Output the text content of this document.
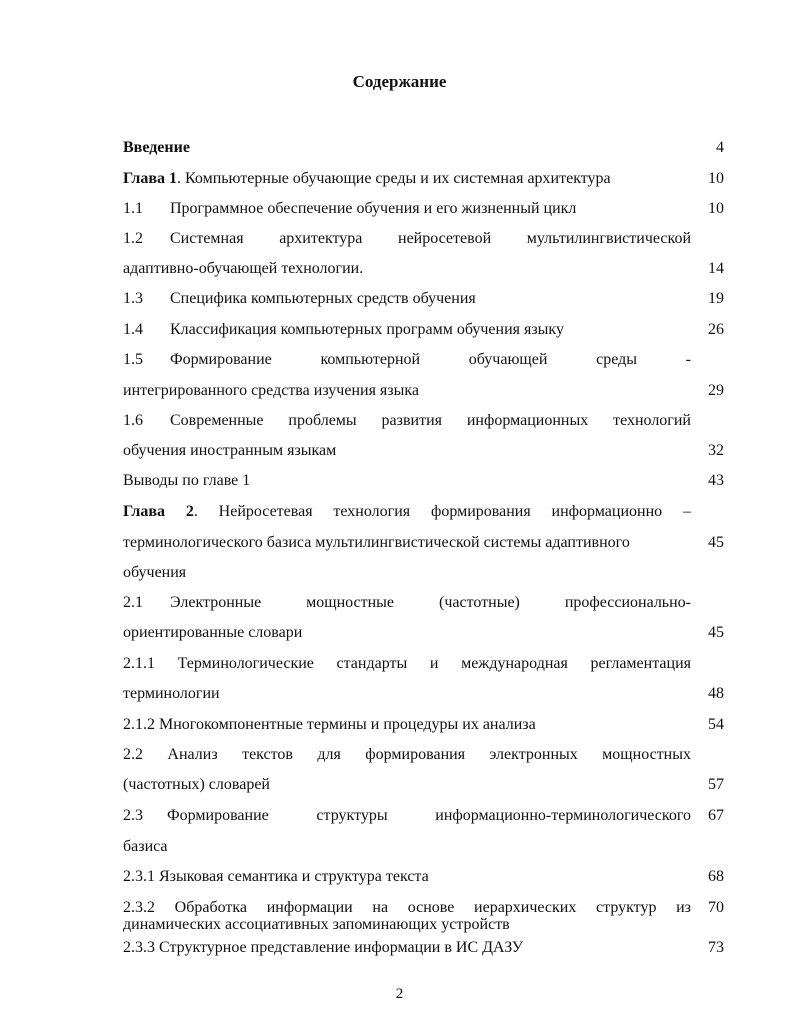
Содержание
Введение	4
Глава 1. Компьютерные обучающие среды и их системная архитектура	10
1.1 Программное обеспечение обучения и его жизненный цикл	10
1.2 Системная архитектура нейросетевой мультилингвистической
адаптивно-обучающей технологии.	14
1.3 Специфика компьютерных средств обучения	19
1.4 Классификация компьютерных программ обучения языку	26
1.5 Формирование компьютерной обучающей среды -
интегрированного средства изучения языка	29
1.6 Современные проблемы развития информационных технологий
обучения иностранным языкам	32
Выводы по главе 1	43
Глава 2. Нейросетевая технология формирования информационно –
терминологического базиса мультилингвистической системы адаптивного	45
обучения
2.1 Электронные мощностные (частотные) профессионально-
ориентированные словари	45
2.1.1 Терминологические стандарты и международная регламентация
терминологии	48
2.1.2 Многокомпонентные термины и процедуры их анализа	54
2.2 Анализ текстов для формирования электронных мощностных
(частотных) словарей	57
2.3 Формирование структуры информационно-терминологического	67
базиса
2.3.1 Языковая семантика и структура текста	68
2.3.2 Обработка информации на основе иерархических структур из	70
динамических ассоциативных запоминающих устройств
2.3.3 Структурное представление информации в ИС ДАЗУ	73
2
